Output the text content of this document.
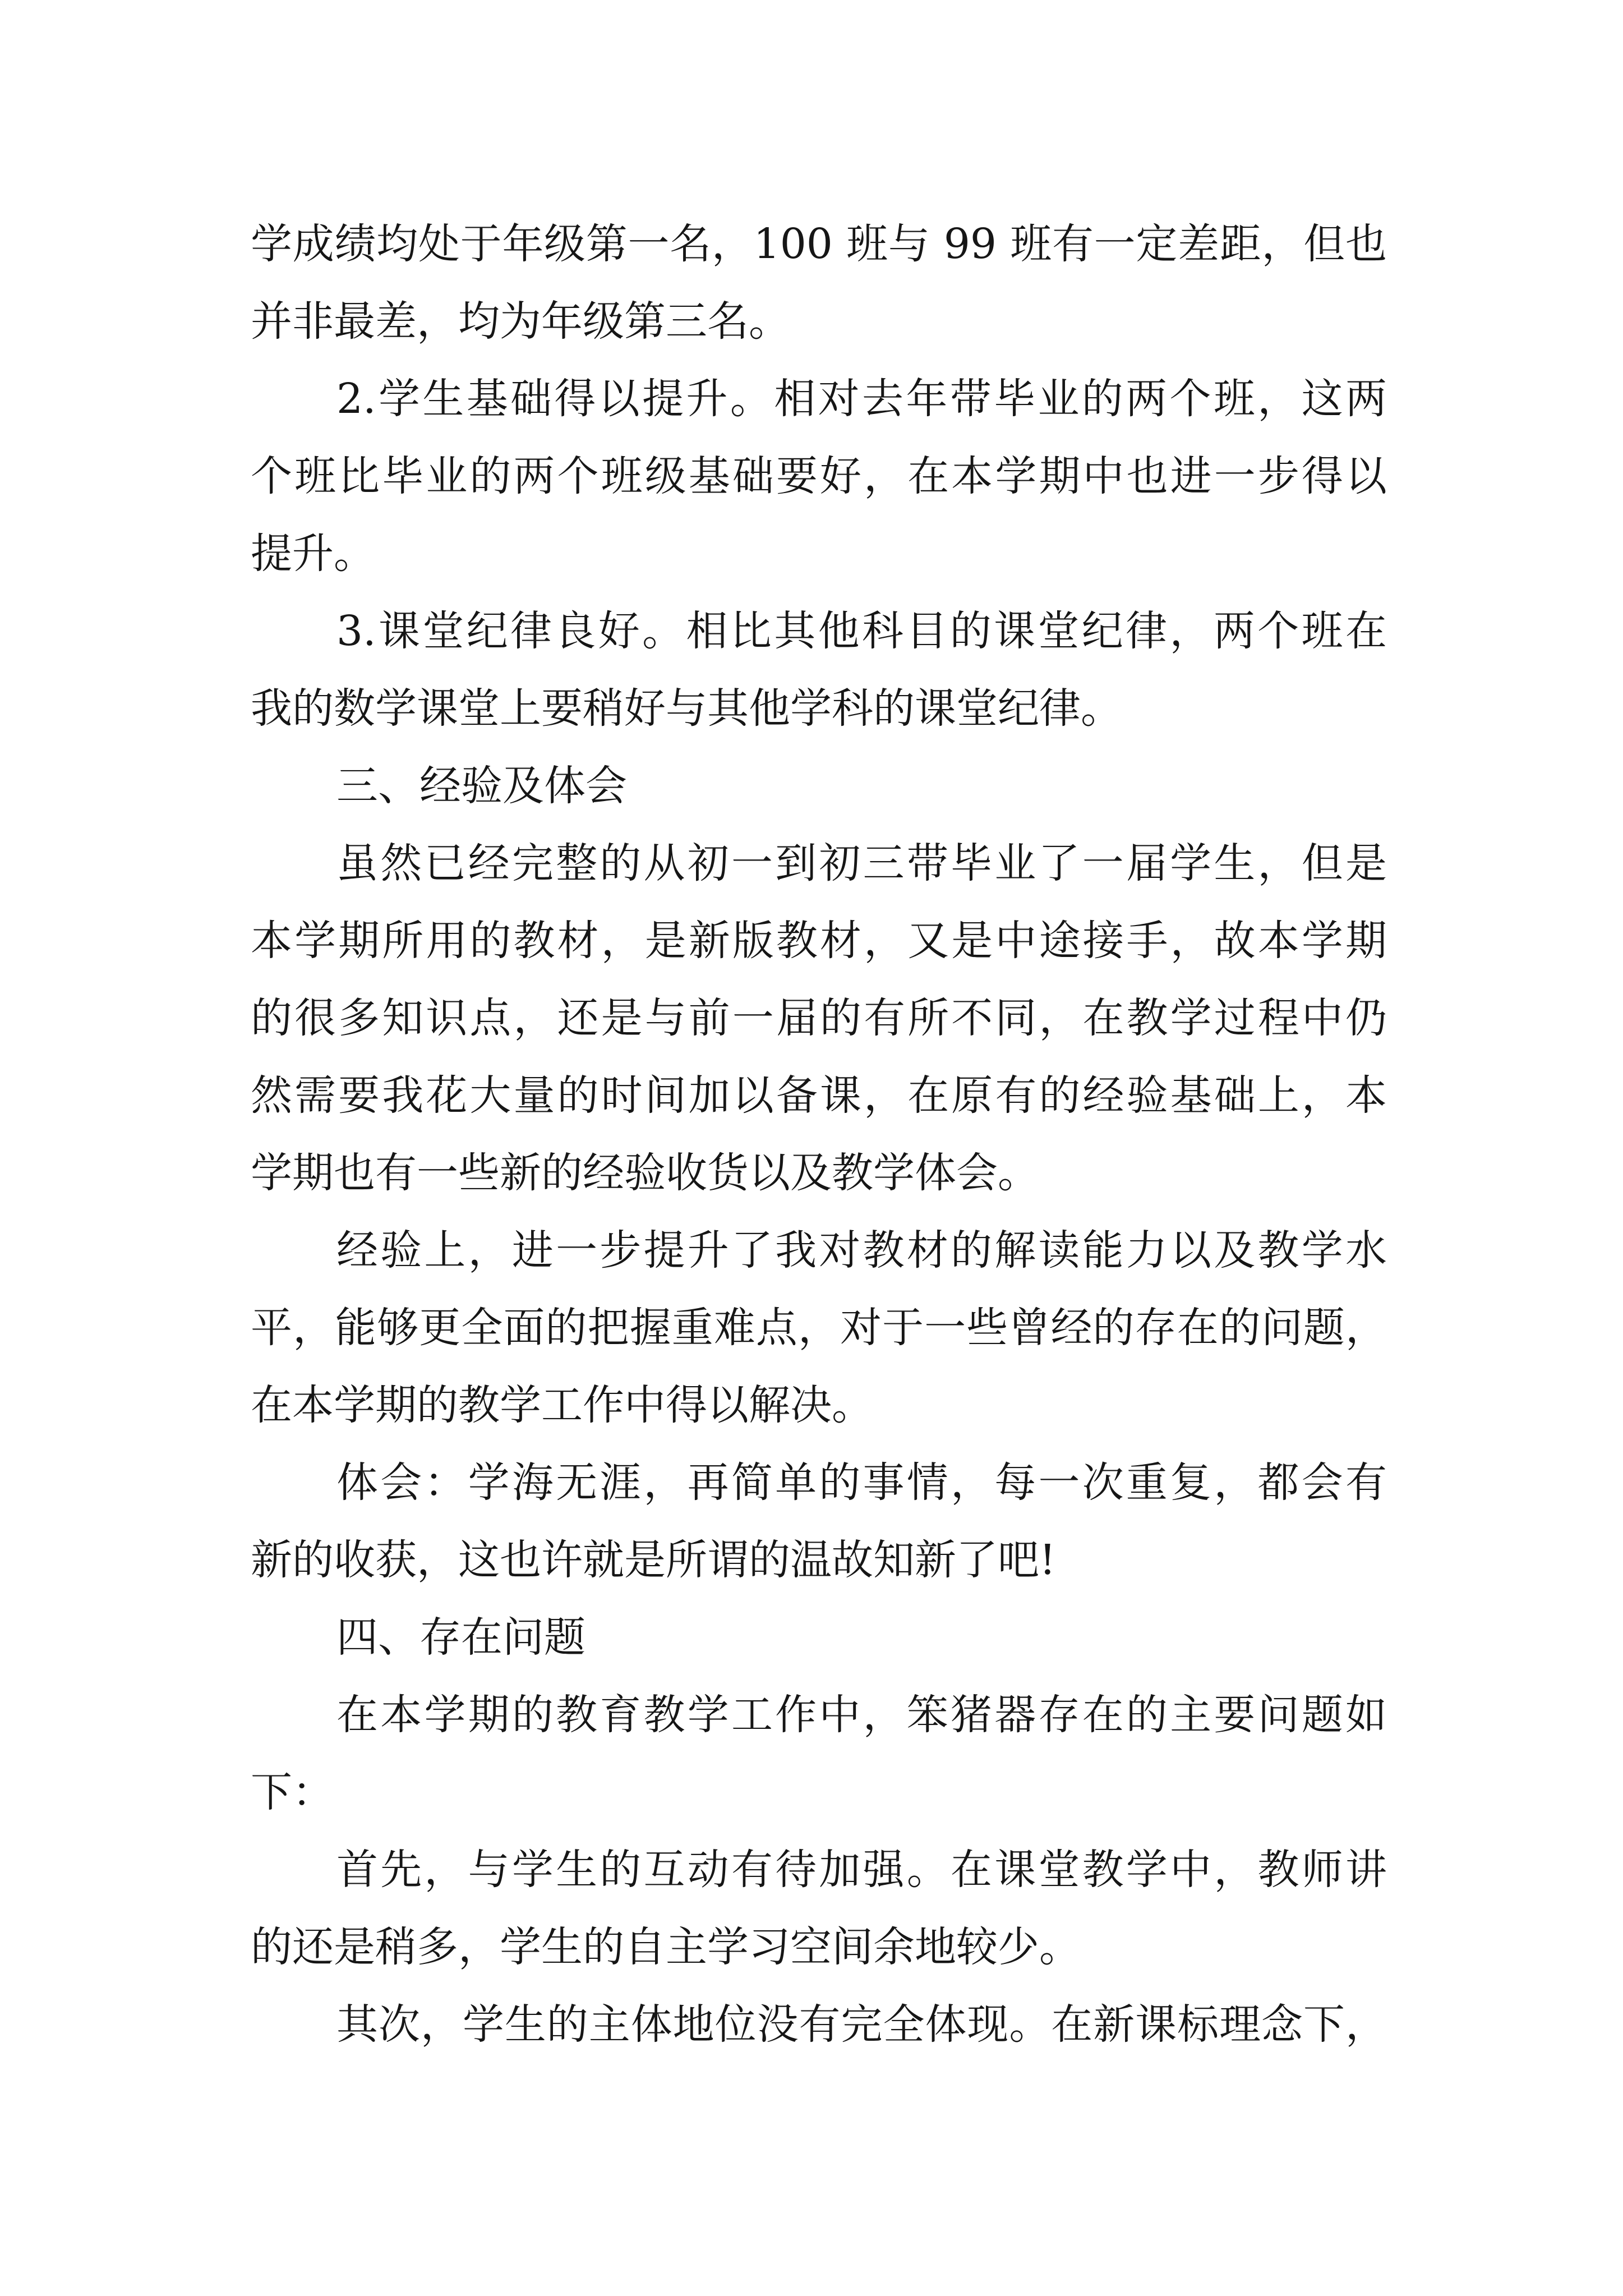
学成绩均处于年级第一名，100 班与 99 班有一定差距，但也
并非最差，均为年级第三名。
2.学生基础得以提升。相对去年带毕业的两个班，这两
个班比毕业的两个班级基础要好，在本学期中也进一步得以
提升。
3.课堂纪律良好。相比其他科目的课堂纪律，两个班在
我的数学课堂上要稍好与其他学科的课堂纪律。
三、经验及体会
虽然已经完整的从初一到初三带毕业了一届学生，但是
本学期所用的教材，是新版教材，又是中途接手，故本学期
的很多知识点，还是与前一届的有所不同，在教学过程中仍
然需要我花大量的时间加以备课，在原有的经验基础上，本
学期也有一些新的经验收货以及教学体会。
经验上，进一步提升了我对教材的解读能力以及教学水
平，能够更全面的把握重难点，对于一些曾经的存在的问题，
在本学期的教学工作中得以解决。
体会：学海无涯，再简单的事情，每一次重复，都会有
新的收获，这也许就是所谓的温故知新了吧!
四、存在问题
在本学期的教育教学工作中，笨猪器存在的主要问题如
下：
首先，与学生的互动有待加强。在课堂教学中，教师讲
的还是稍多，学生的自主学习空间余地较少。
其次，学生的主体地位没有完全体现。在新课标理念下，
